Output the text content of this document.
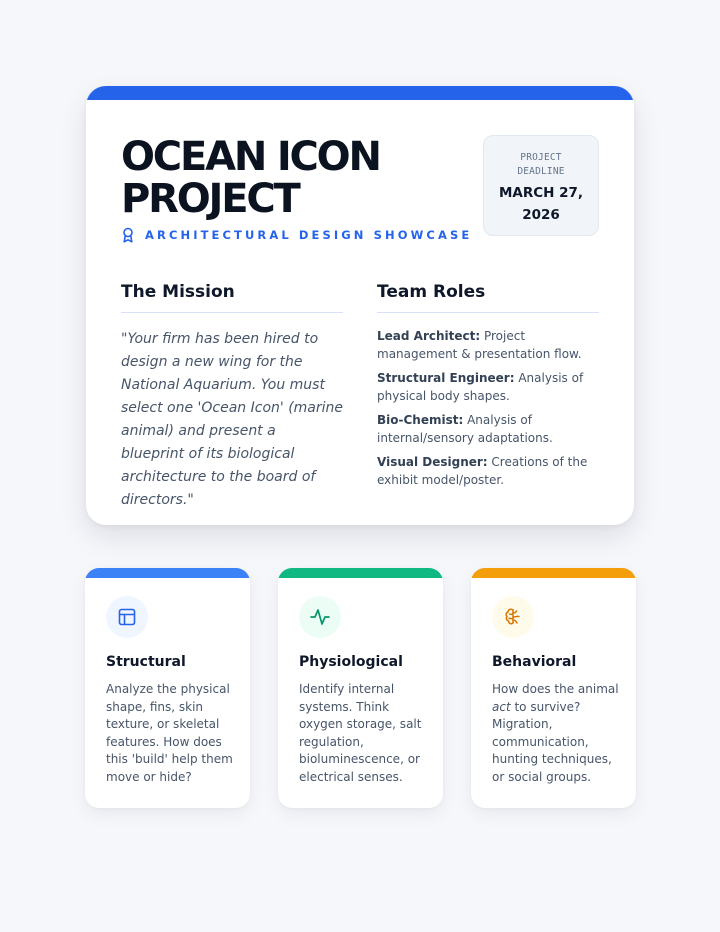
OCEAN ICON PROJECT
ARCHITECTURAL DESIGN SHOWCASE
PROJECT DEADLINE
MARCH 27, 2026
The Mission

"Your firm has been hired to design a new wing for the National Aquarium. You must select one 'Ocean Icon' (marine animal) and present a blueprint of its biological architecture to the board of directors."

Team Roles

Lead Architect: Project management & presentation flow.

Structural Engineer: Analysis of physical body shapes.

Bio-Chemist: Analysis of internal/sensory adaptations.

Visual Designer: Creations of the exhibit model/poster.

Structural

Analyze the physical shape, fins, skin texture, or skeletal features. How does this 'build' help them move or hide?

Physiological

Identify internal systems. Think oxygen storage, salt regulation, bioluminescence, or electrical senses.

Behavioral

How does the animal act to survive? Migration, communication, hunting techniques, or social groups.
